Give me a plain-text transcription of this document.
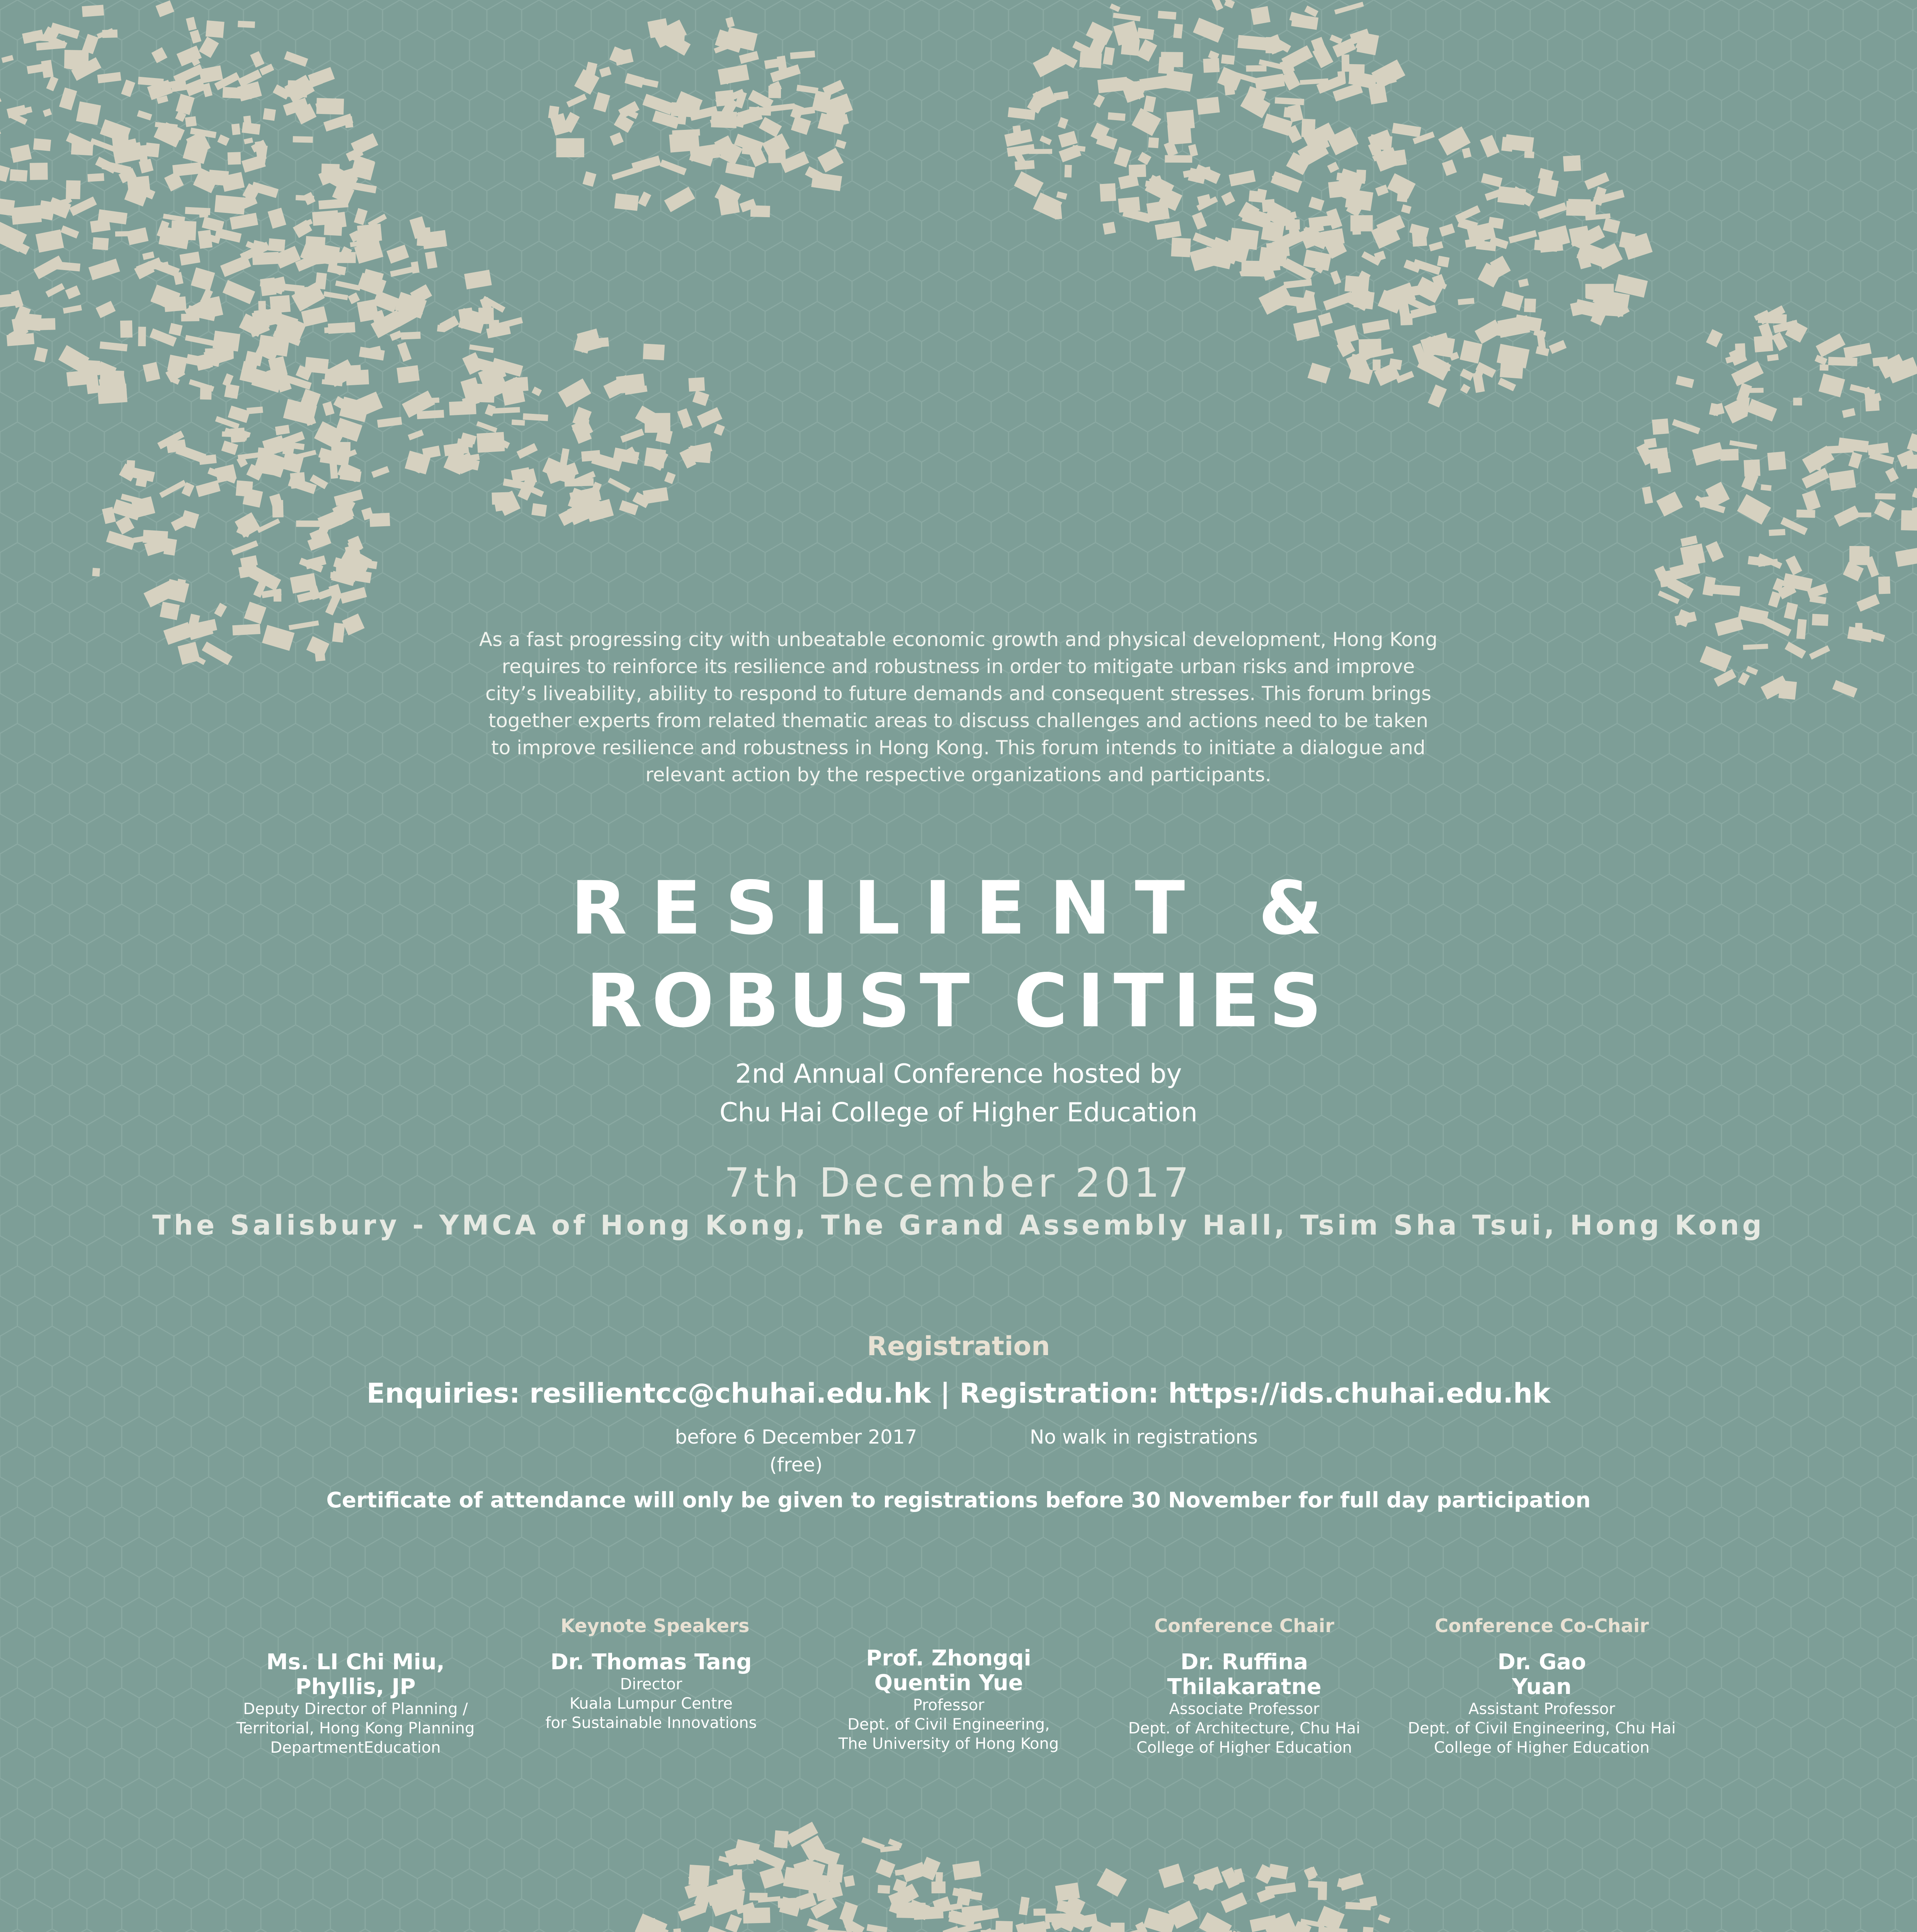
As a fast progressing city with unbeatable economic growth and physical development, Hong Kong
requires to reinforce its resilience and robustness in order to mitigate urban risks and improve
city’s liveability, ability to respond to future demands and consequent stresses. This forum brings
together experts from related thematic areas to discuss challenges and actions need to be taken
to improve resilience and robustness in Hong Kong. This forum intends to initiate a dialogue and
relevant action by the respective organizations and participants.
RESILIENT &
ROBUST CITIES
2nd Annual Conference hosted by
Chu Hai College of Higher Education
7th December 2017
The Salisbury - YMCA of Hong Kong, The Grand Assembly Hall, Tsim Sha Tsui, Hong Kong
Registration
Enquiries: resilientcc@chuhai.edu.hk | Registration: https://ids.chuhai.edu.hk
before 6 December 2017
(free)
No walk in registrations
Certificate of attendance will only be given to registrations before 30 November for full day participation
Keynote Speakers	Conference Chair	Conference Co-Chair
Ms. LI Chi Miu,
Phyllis, JP
Deputy Director of Planning /
Territorial, Hong Kong Planning
DepartmentEducation
Dr. Thomas Tang
Director
Kuala Lumpur Centre
for Sustainable Innovations
Prof. Zhongqi
Quentin Yue
Professor
Dept. of Civil Engineering,
The University of Hong Kong
Dr. Ruffina
Thilakaratne
Associate Professor
Dept. of Architecture, Chu Hai
College of Higher Education
Dr. Gao
Yuan
Assistant Professor
Dept. of Civil Engineering, Chu Hai
College of Higher Education
